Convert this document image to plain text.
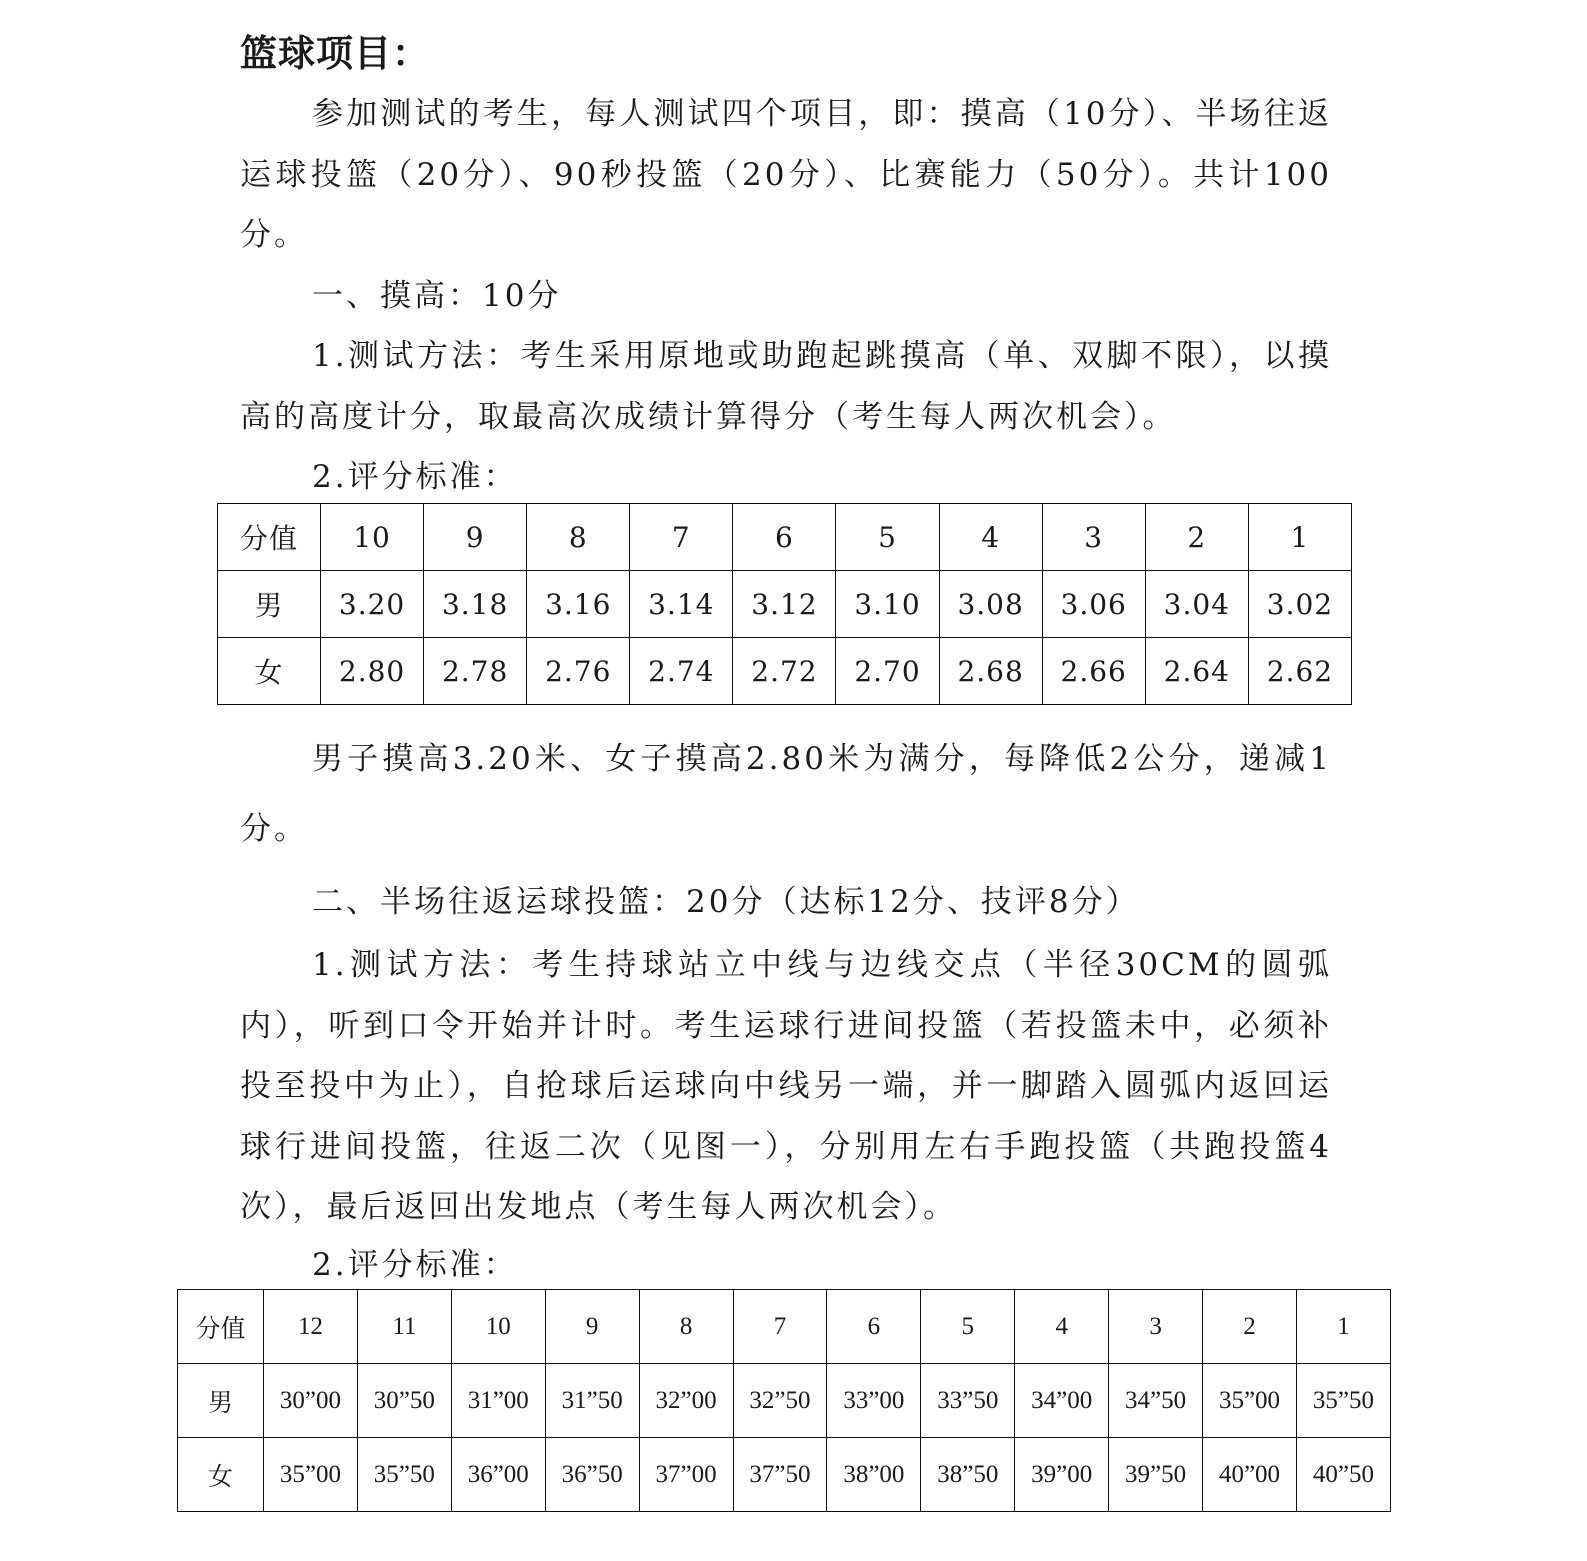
篮球项目：

参加测试的考生，每人测试四个项目，即：摸高（10分）、半场往返运球投篮（20分）、90秒投篮（20分）、比赛能力（50分）。共计100分。

一、摸高：10分

1.测试方法：考生采用原地或助跑起跳摸高（单、双脚不限），以摸高的高度计分，取最高次成绩计算得分（考生每人两次机会）。

2.评分标准：

分值	10	9	8	7	6	5	4	3	2	1
男	3.20	3.18	3.16	3.14	3.12	3.10	3.08	3.06	3.04	3.02
女	2.80	2.78	2.76	2.74	2.72	2.70	2.68	2.66	2.64	2.62

男子摸高3.20米、女子摸高2.80米为满分，每降低2公分，递减1分。

二、半场往返运球投篮：20分（达标12分、技评8分）

1.测试方法：考生持球站立中线与边线交点（半径30CM的圆弧内），听到口令开始并计时。考生运球行进间投篮（若投篮未中，必须补投至投中为止），自抢球后运球向中线另一端，并一脚踏入圆弧内返回运球行进间投篮，往返二次（见图一），分别用左右手跑投篮（共跑投篮4次），最后返回出发地点（考生每人两次机会）。

2.评分标准：

分值	12	11	10	9	8	7	6	5	4	3	2	1
男	30”00	30”50	31”00	31”50	32”00	32”50	33”00	33”50	34”00	34”50	35”00	35”50
女	35”00	35”50	36”00	36”50	37”00	37”50	38”00	38”50	39”00	39”50	40”00	40”50
